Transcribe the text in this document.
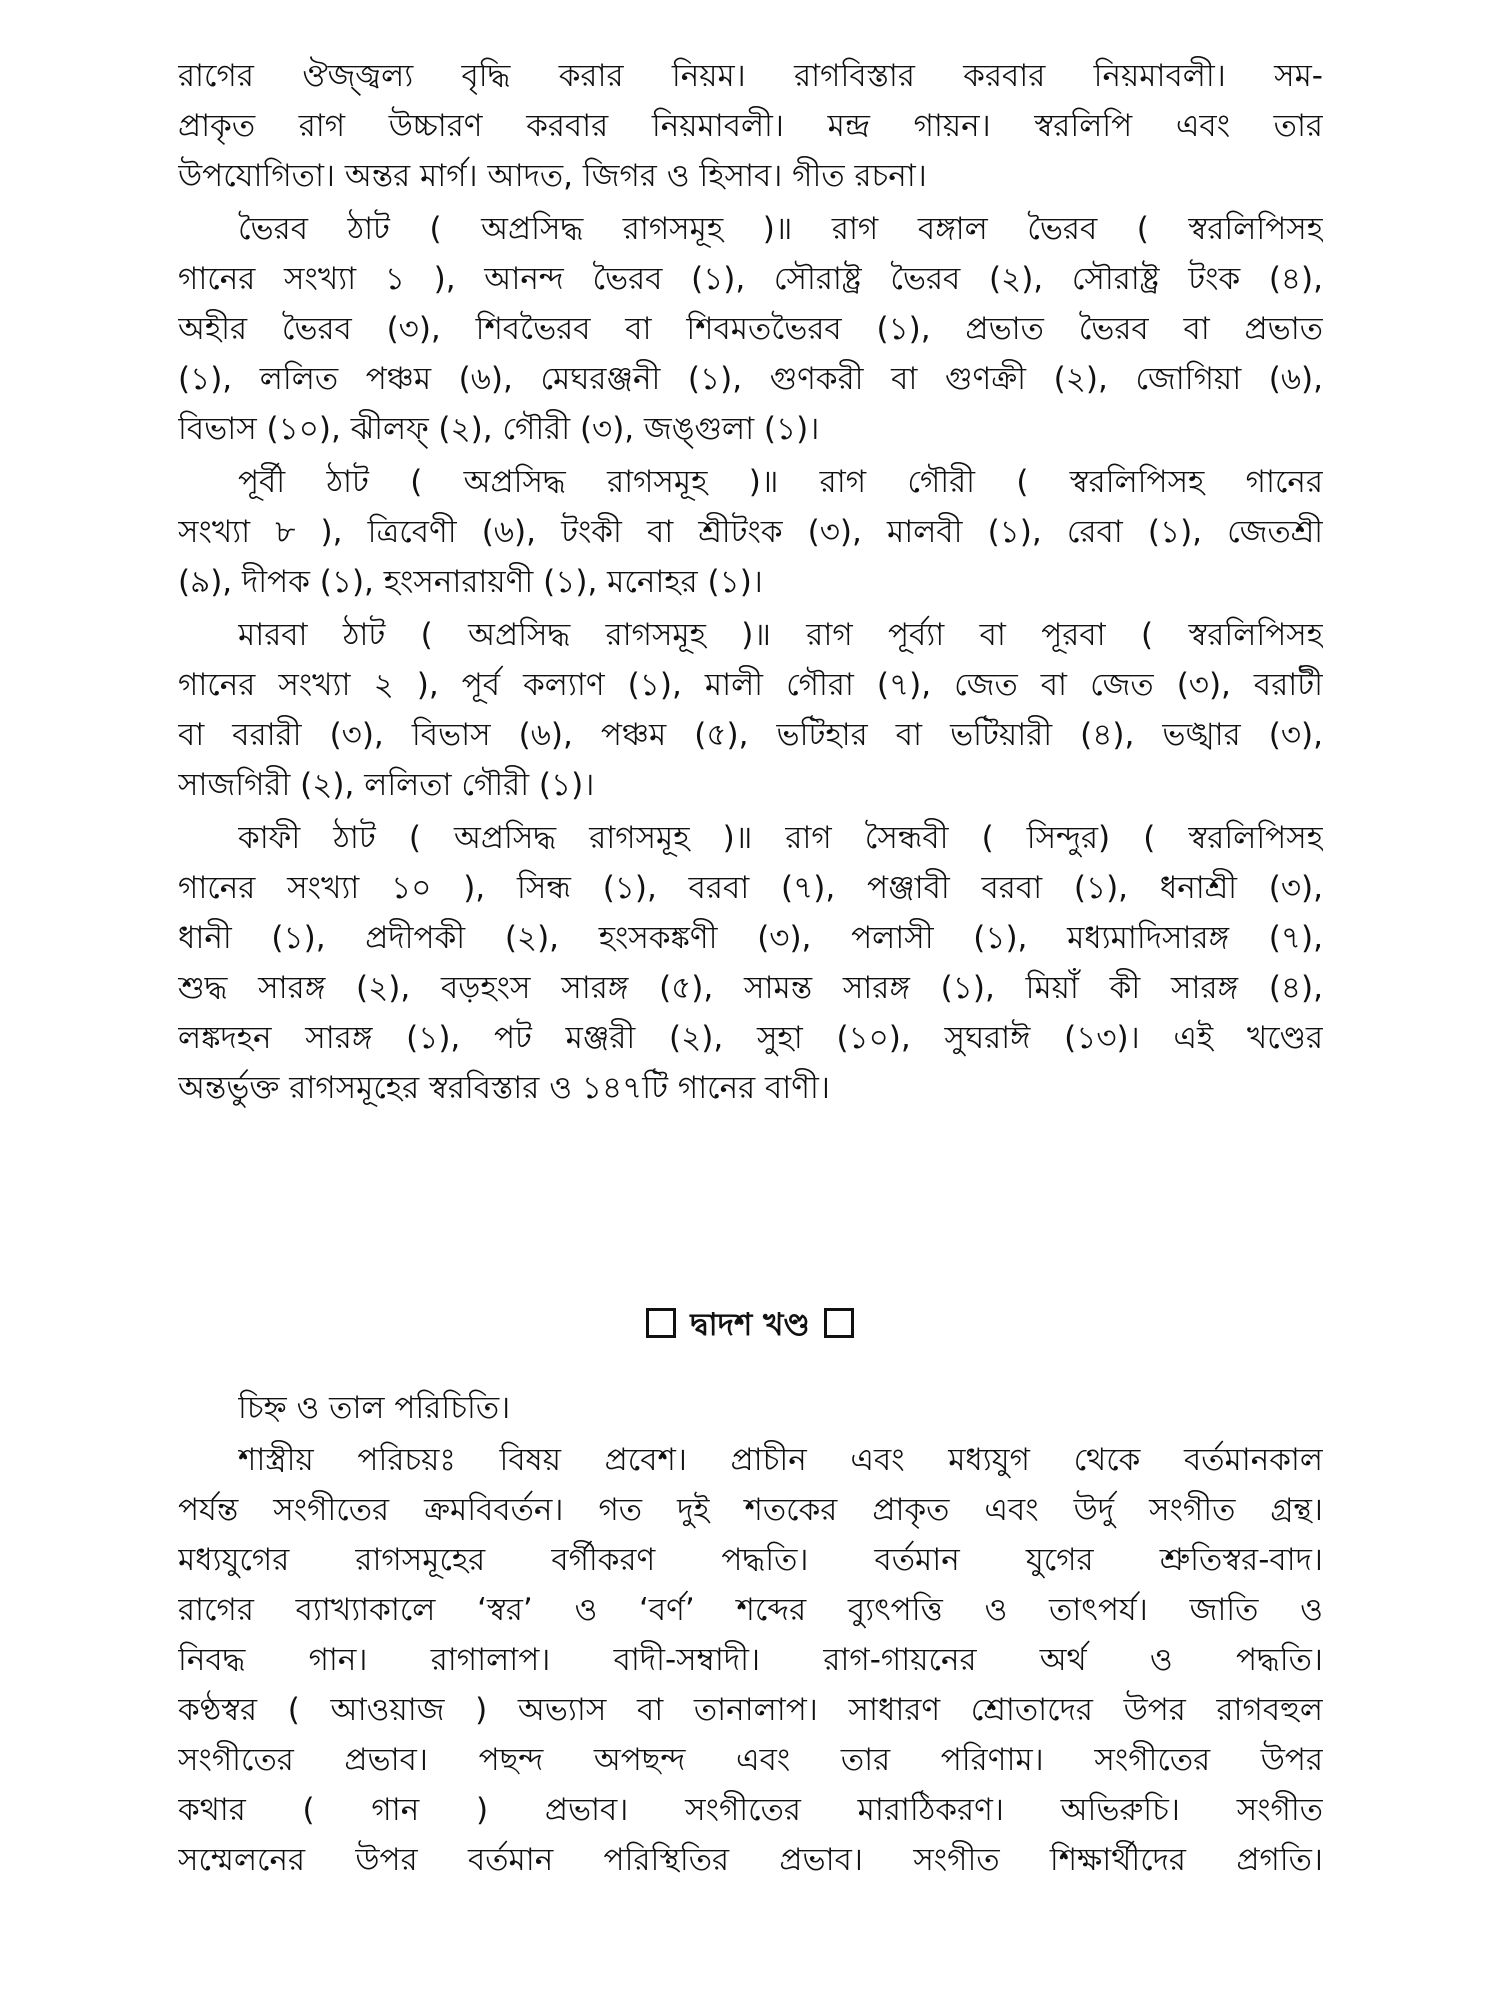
রাগের ঔজ্জ্বল্য বৃদ্ধি করার নিয়ম। রাগবিস্তার করবার নিয়মাবলী। সম-
প্রাকৃত রাগ উচ্চারণ করবার নিয়মাবলী। মন্দ্র গায়ন। স্বরলিপি এবং তার
উপযোগিতা। অন্তর মার্গ। আদত, জিগর ও হিসাব। গীত রচনা।
ভৈরব ঠাট ( অপ্রসিদ্ধ রাগসমূহ )॥ রাগ বঙ্গাল ভৈরব ( স্বরলিপিসহ
গানের সংখ্যা ১ ), আনন্দ ভৈরব (১), সৌরাষ্ট্র ভৈরব (২), সৌরাষ্ট্র টংক (৪),
অহীর ভৈরব (৩), শিবভৈরব বা শিবমতভৈরব (১), প্রভাত ভৈরব বা প্রভাত
(১), ললিত পঞ্চম (৬), মেঘরঞ্জনী (১), গুণকরী বা গুণক্রী (২), জোগিয়া (৬),
বিভাস (১০), ঝীলফ্ (২), গৌরী (৩), জঙ্গুলা (১)।
পূর্বী ঠাট ( অপ্রসিদ্ধ রাগসমূহ )॥ রাগ গৌরী ( স্বরলিপিসহ গানের
সংখ্যা ৮ ), ত্রিবেণী (৬), টংকী বা শ্রীটংক (৩), মালবী (১), রেবা (১), জেতশ্রী
(৯), দীপক (১), হংসনারায়ণী (১), মনোহর (১)।
মারবা ঠাট ( অপ্রসিদ্ধ রাগসমূহ )॥ রাগ পূর্ব্যা বা পূরবা ( স্বরলিপিসহ
গানের সংখ্যা ২ ), পূর্ব কল্যাণ (১), মালী গৌরা (৭), জেত বা জেত (৩), বরাটী
বা বরারী (৩), বিভাস (৬), পঞ্চম (৫), ভটিহার বা ভটিয়ারী (৪), ভঙ্খার (৩),
সাজগিরী (২), ললিতা গৌরী (১)।
কাফী ঠাট ( অপ্রসিদ্ধ রাগসমূহ )॥ রাগ সৈন্ধবী ( সিন্দুর) ( স্বরলিপিসহ
গানের সংখ্যা ১০ ), সিন্ধ (১), বরবা (৭), পঞ্জাবী বরবা (১), ধনাশ্রী (৩),
ধানী (১), প্রদীপকী (২), হংসকঙ্কণী (৩), পলাসী (১), মধ্যমাদিসারঙ্গ (৭),
শুদ্ধ সারঙ্গ (২), বড়হংস সারঙ্গ (৫), সামন্ত সারঙ্গ (১), মিয়াঁ কী সারঙ্গ (৪),
লঙ্কদহন সারঙ্গ (১), পট মঞ্জরী (২), সুহা (১০), সুঘরাঈ (১৩)। এই খণ্ডের
অন্তর্ভুক্ত রাগসমূহের স্বরবিস্তার ও ১৪৭টি গানের বাণী।
দ্বাদশ খণ্ড
চিহ্ন ও তাল পরিচিতি।
শাস্ত্রীয় পরিচয়ঃ বিষয় প্রবেশ। প্রাচীন এবং মধ্যযুগ থেকে বর্তমানকাল
পর্যন্ত সংগীতের ক্রমবিবর্তন। গত দুই শতকের প্রাকৃত এবং উর্দু সংগীত গ্রন্থ।
মধ্যযুগের রাগসমূহের বর্গীকরণ পদ্ধতি। বর্তমান যুগের শ্রুতিস্বর-বাদ।
রাগের ব্যাখ্যাকালে ‘স্বর’ ও ‘বর্ণ’ শব্দের ব্যুৎপত্তি ও তাৎপর্য। জাতি ও
নিবদ্ধ গান। রাগালাপ। বাদী-সম্বাদী। রাগ-গায়নের অর্থ ও পদ্ধতি।
কণ্ঠস্বর ( আওয়াজ ) অভ্যাস বা তানালাপ। সাধারণ শ্রোতাদের উপর রাগবহুল
সংগীতের প্রভাব। পছন্দ অপছন্দ এবং তার পরিণাম। সংগীতের উপর
কথার ( গান ) প্রভাব। সংগীতের মারাঠিকরণ। অভিরুচি। সংগীত
সম্মেলনের উপর বর্তমান পরিস্থিতির প্রভাব। সংগীত শিক্ষার্থীদের প্রগতি।
